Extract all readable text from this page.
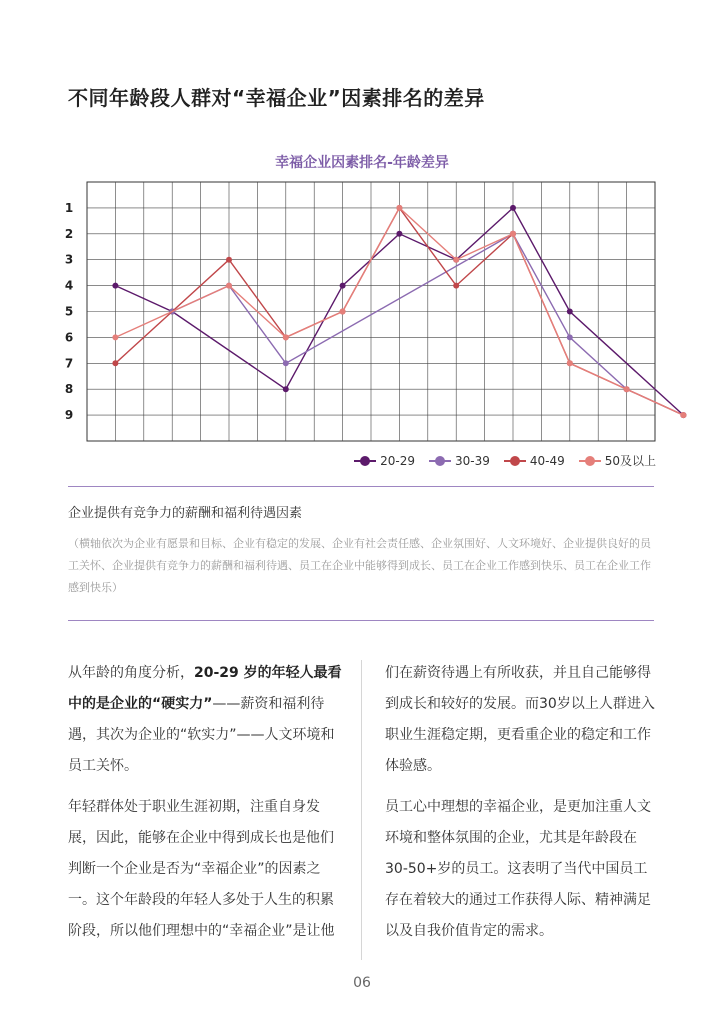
不同年龄段人群对“幸福企业”因素排名的差异
幸福企业因素排名-年龄差异
1
2
3
4
5
6
7
8
9
20-29	30-39	40-49	50及以上
企业提供有竞争力的薪酬和福利待遇因素
（横轴依次为企业有愿景和目标、企业有稳定的发展、企业有社会责任感、企业氛围好、人文环境好、企业提供良好的员工关怀、企业提供有竞争力的薪酬和福利待遇、员工在企业中能够得到成长、员工在企业工作感到快乐、员工在企业工作感到快乐）

从年龄的角度分析，20-29 岁的年轻人最看中的是企业的“硬实力”——薪资和福利待遇，其次为企业的“软实力”——人文环境和员工关怀。

年轻群体处于职业生涯初期，注重自身发展，因此，能够在企业中得到成长也是他们判断一个企业是否为“幸福企业”的因素之一。这个年龄段的年轻人多处于人生的积累阶段，所以他们理想中的“幸福企业”是让他

们在薪资待遇上有所收获，并且自己能够得到成长和较好的发展。而30岁以上人群进入职业生涯稳定期，更看重企业的稳定和工作体验感。

员工心中理想的幸福企业，是更加注重人文环境和整体氛围的企业，尤其是年龄段在30-50+岁的员工。这表明了当代中国员工存在着较大的通过工作获得人际、精神满足以及自我价值肯定的需求。

06
